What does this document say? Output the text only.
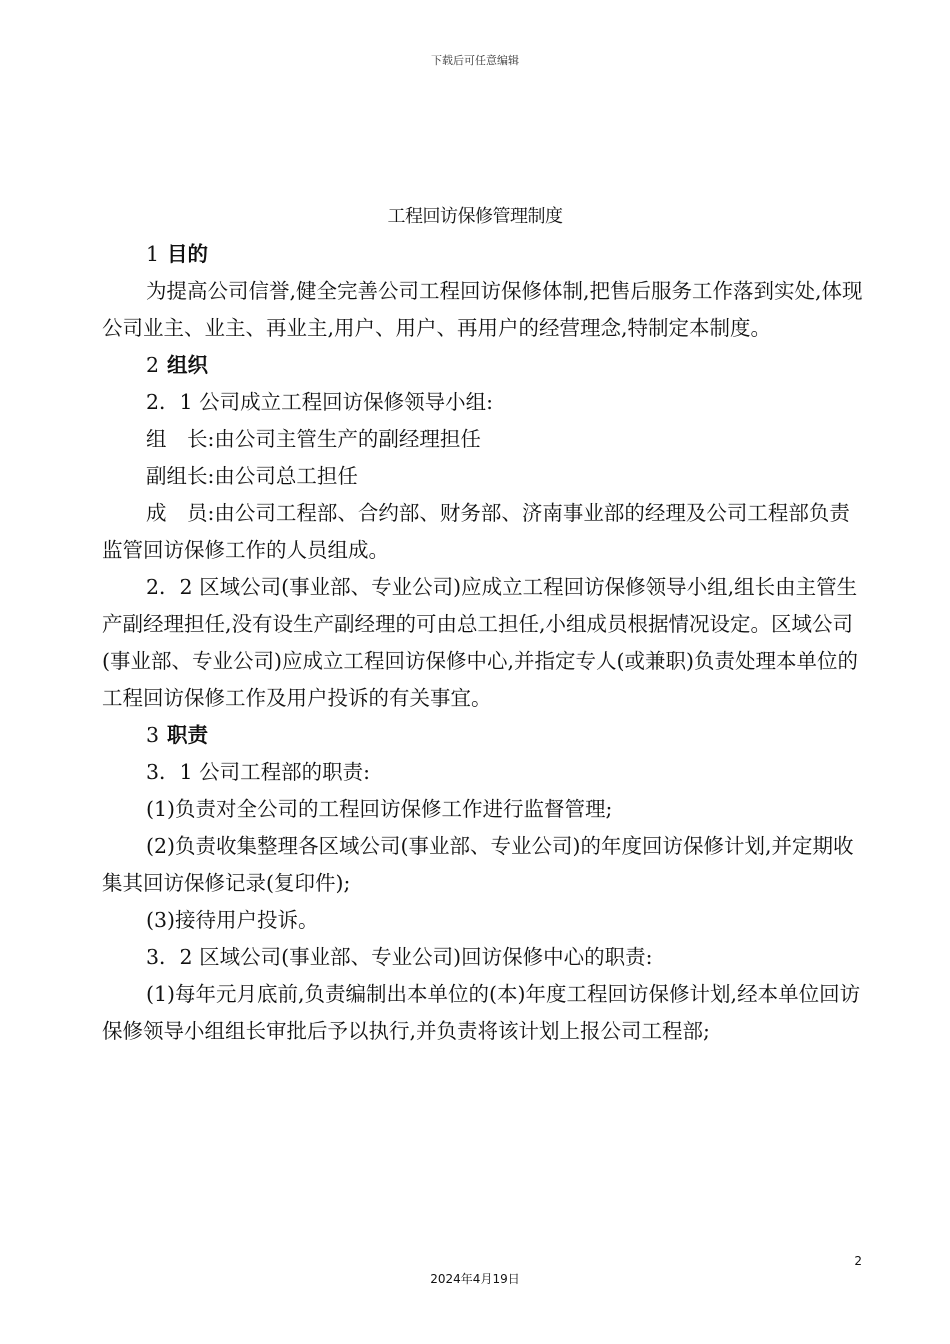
下载后可任意编辑
工程回访保修管理制度

1 目的

为提高公司信誉,健全完善公司工程回访保修体制,把售后服务工作落到实处,体现公司业主、业主、再业主,用户、用户、再用户的经营理念,特制定本制度。

2 组织

2．1 公司成立工程回访保修领导小组:

组　长:由公司主管生产的副经理担任

副组长:由公司总工担任

成　员:由公司工程部、合约部、财务部、济南事业部的经理及公司工程部负责监管回访保修工作的人员组成。

2．2 区域公司(事业部、专业公司)应成立工程回访保修领导小组,组长由主管生产副经理担任,没有设生产副经理的可由总工担任,小组成员根据情况设定。区域公司(事业部、专业公司)应成立工程回访保修中心,并指定专人(或兼职)负责处理本单位的工程回访保修工作及用户投诉的有关事宜。

3 职责

3．1 公司工程部的职责:

(1)负责对全公司的工程回访保修工作进行监督管理;

(2)负责收集整理各区域公司(事业部、专业公司)的年度回访保修计划,并定期收集其回访保修记录(复印件);

(3)接待用户投诉。

3．2 区域公司(事业部、专业公司)回访保修中心的职责:

(1)每年元月底前,负责编制出本单位的(本)年度工程回访保修计划,经本单位回访保修领导小组组长审批后予以执行,并负责将该计划上报公司工程部;

2
2024年4月19日
